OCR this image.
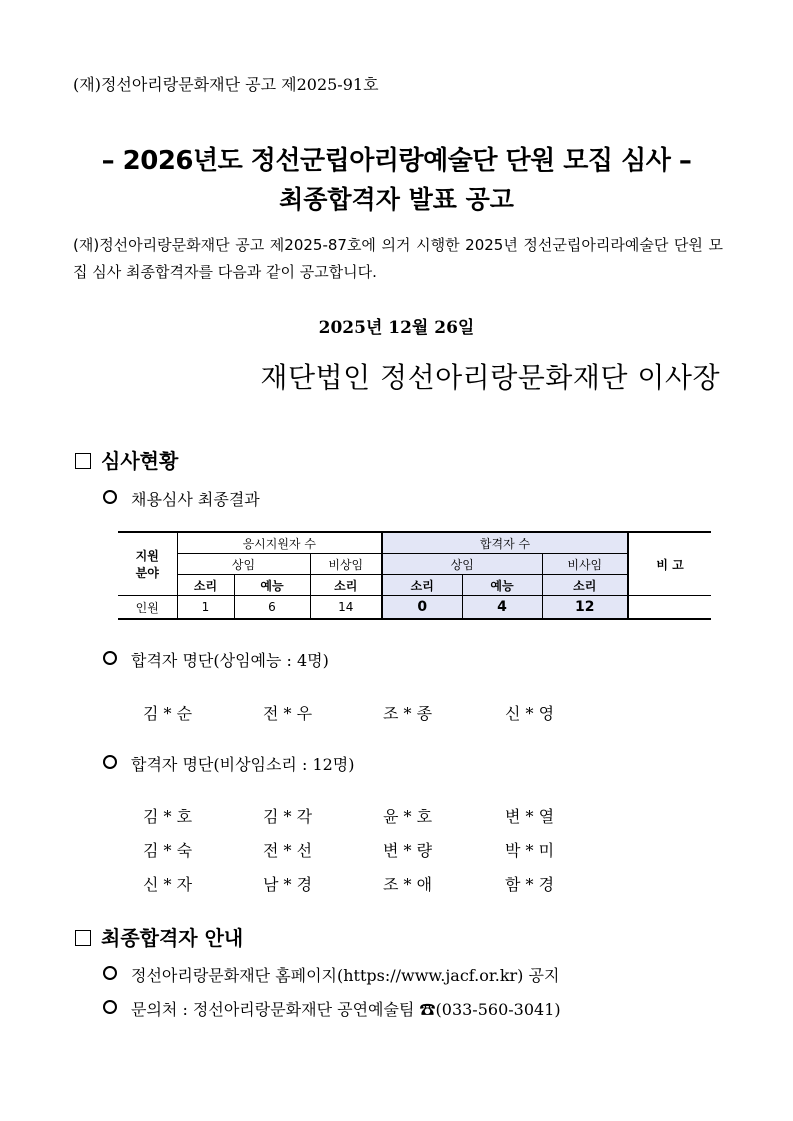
(재)정선아리랑문화재단 공고 제2025-91호
– 2026년도 정선군립아리랑예술단 단원 모집 심사 –
최종합격자 발표 공고
(재)정선아리랑문화재단 공고 제2025-87호에 의거 시행한 2025년 정선군립아리라예술단 단원 모집 심사 최종합격자를 다음과 같이 공고합니다.
2025년 12월 26일
재단법인 정선아리랑문화재단 이사장
심사현황
채용심사 최종결과
지원
분야	응시지원자 수			합격자 수			비 고
	상임		비상임	상임		비사임	
	소리	예능	소리	소리	예능	소리	
인원	1	6	14	0	4	12	
합격자 명단(상임예능 : 4명)
김 * 순	전 * 우	조 * 종	신 * 영
합격자 명단(비상임소리 : 12명)
김 * 호	김 * 각	윤 * 호	변 * 열
김 * 숙	전 * 선	변 * 량	박 * 미
신 * 자	남 * 경	조 * 애	함 * 경
최종합격자 안내
정선아리랑문화재단 홈페이지(https://www.jacf.or.kr) 공지
문의처 : 정선아리랑문화재단 공연예술팀 ☎(033-560-3041)
